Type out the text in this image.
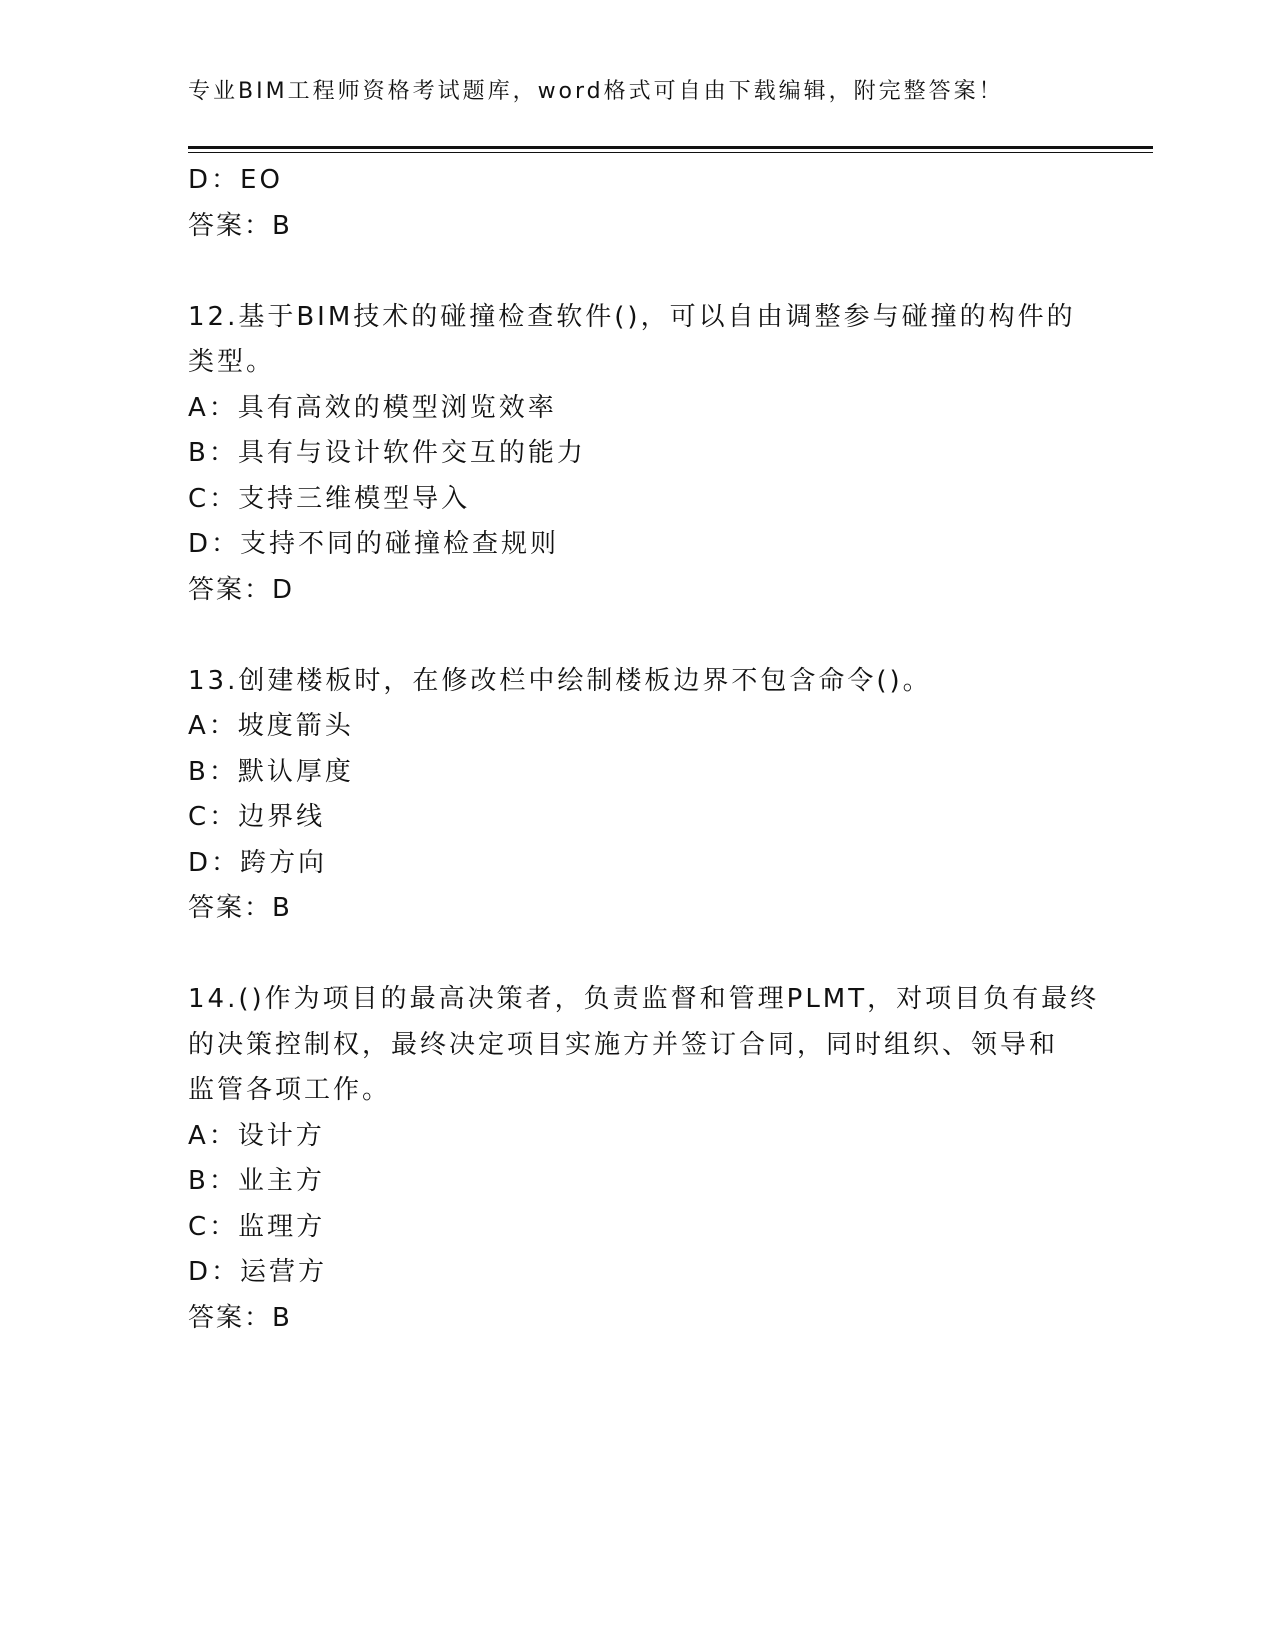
专业BIM工程师资格考试题库，word格式可自由下载编辑，附完整答案！
D：EO
答案：B
12.基于BIM技术的碰撞检查软件()，可以自由调整参与碰撞的构件的
类型。
A：具有高效的模型浏览效率
B：具有与设计软件交互的能力
C：支持三维模型导入
D：支持不同的碰撞检查规则
答案：D
13.创建楼板时，在修改栏中绘制楼板边界不包含命令()。
A：坡度箭头
B：默认厚度
C：边界线
D：跨方向
答案：B
14.()作为项目的最高决策者，负责监督和管理PLMT，对项目负有最终
的决策控制权，最终决定项目实施方并签订合同，同时组织、领导和
监管各项工作。
A：设计方
B：业主方
C：监理方
D：运营方
答案：B
